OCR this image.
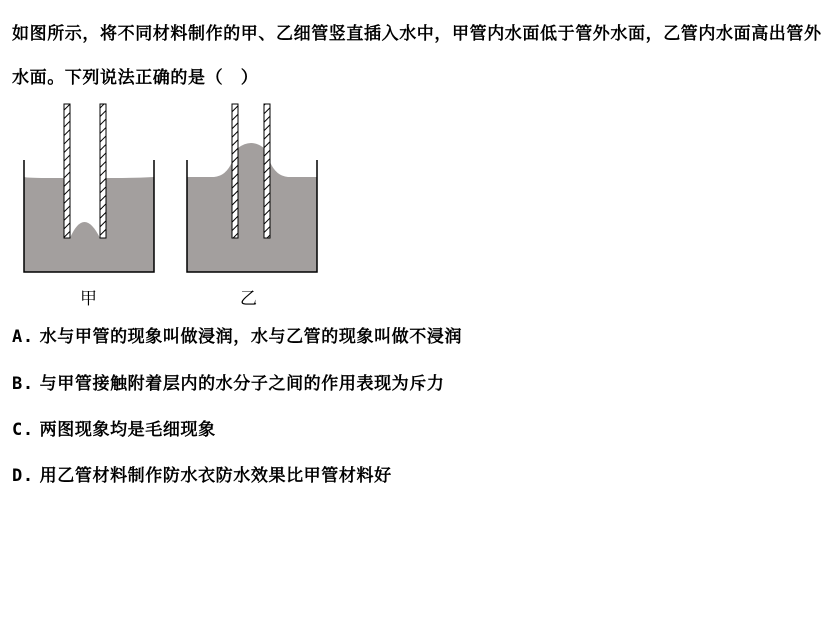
如图所示，将不同材料制作的甲、乙细管竖直插入水中，甲管内水面低于管外水面，乙管内水面高出管外水面。下列说法正确的是（　）
甲	乙
A. 水与甲管的现象叫做浸润，水与乙管的现象叫做不浸润
B. 与甲管接触附着层内的水分子之间的作用表现为斥力
C. 两图现象均是毛细现象
D. 用乙管材料制作防水衣防水效果比甲管材料好
